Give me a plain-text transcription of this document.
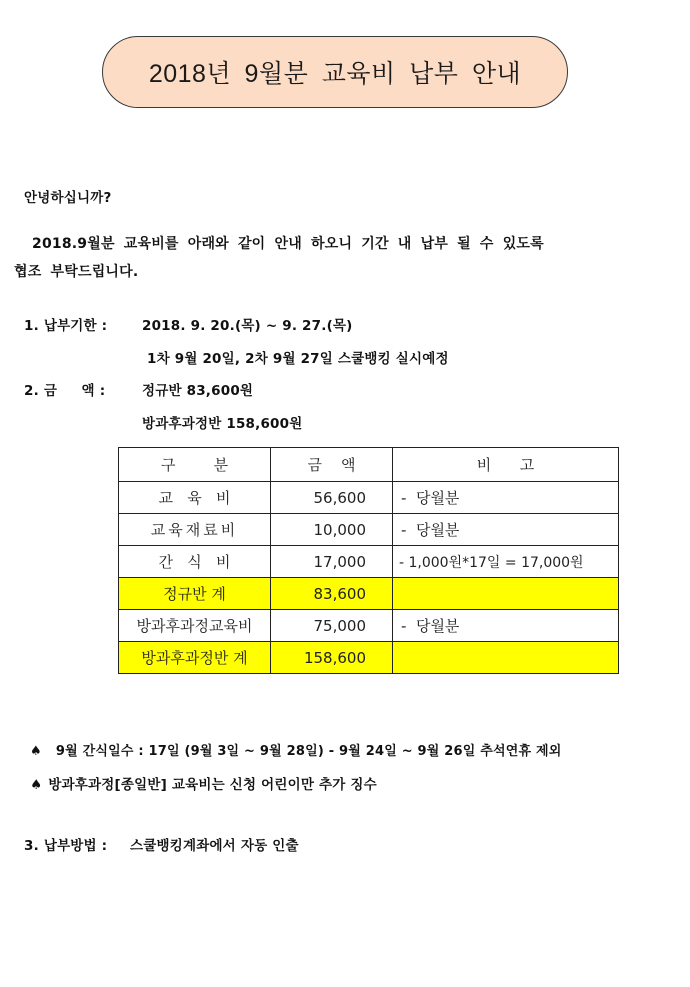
2018년 9월분 교육비 납부 안내
안녕하십니까?
2018.9월분 교육비를 아래와 같이 안내 하오니 기간 내 납부 될 수 있도록
협조 부탁드립니다.
1. 납부기한 :	2018. 9. 20.(목) ~ 9. 27.(목)
1차 9월 20일, 2차 9월 27일 스쿨뱅킹 실시예정
2. 금     액 :	정규반 83,600원
방과후과정반 158,600원
구        분	금    액	비      고
교   육   비	56,600	-  당월분
교육재료비	10,000	-  당월분
간   식   비	17,000	- 1,000원*17일 = 17,000원
정규반 계	83,600	
방과후과정교육비	75,000	-  당월분
방과후과정반 계	158,600	
♠ 9월 간식일수 : 17일 (9월 3일 ~ 9월 28일) - 9월 24일 ~ 9월 26일 추석연휴 제외
♠ 방과후과정[종일반] 교육비는 신청 어린이만 추가 징수
3. 납부방법 : 스쿨뱅킹계좌에서 자동 인출
